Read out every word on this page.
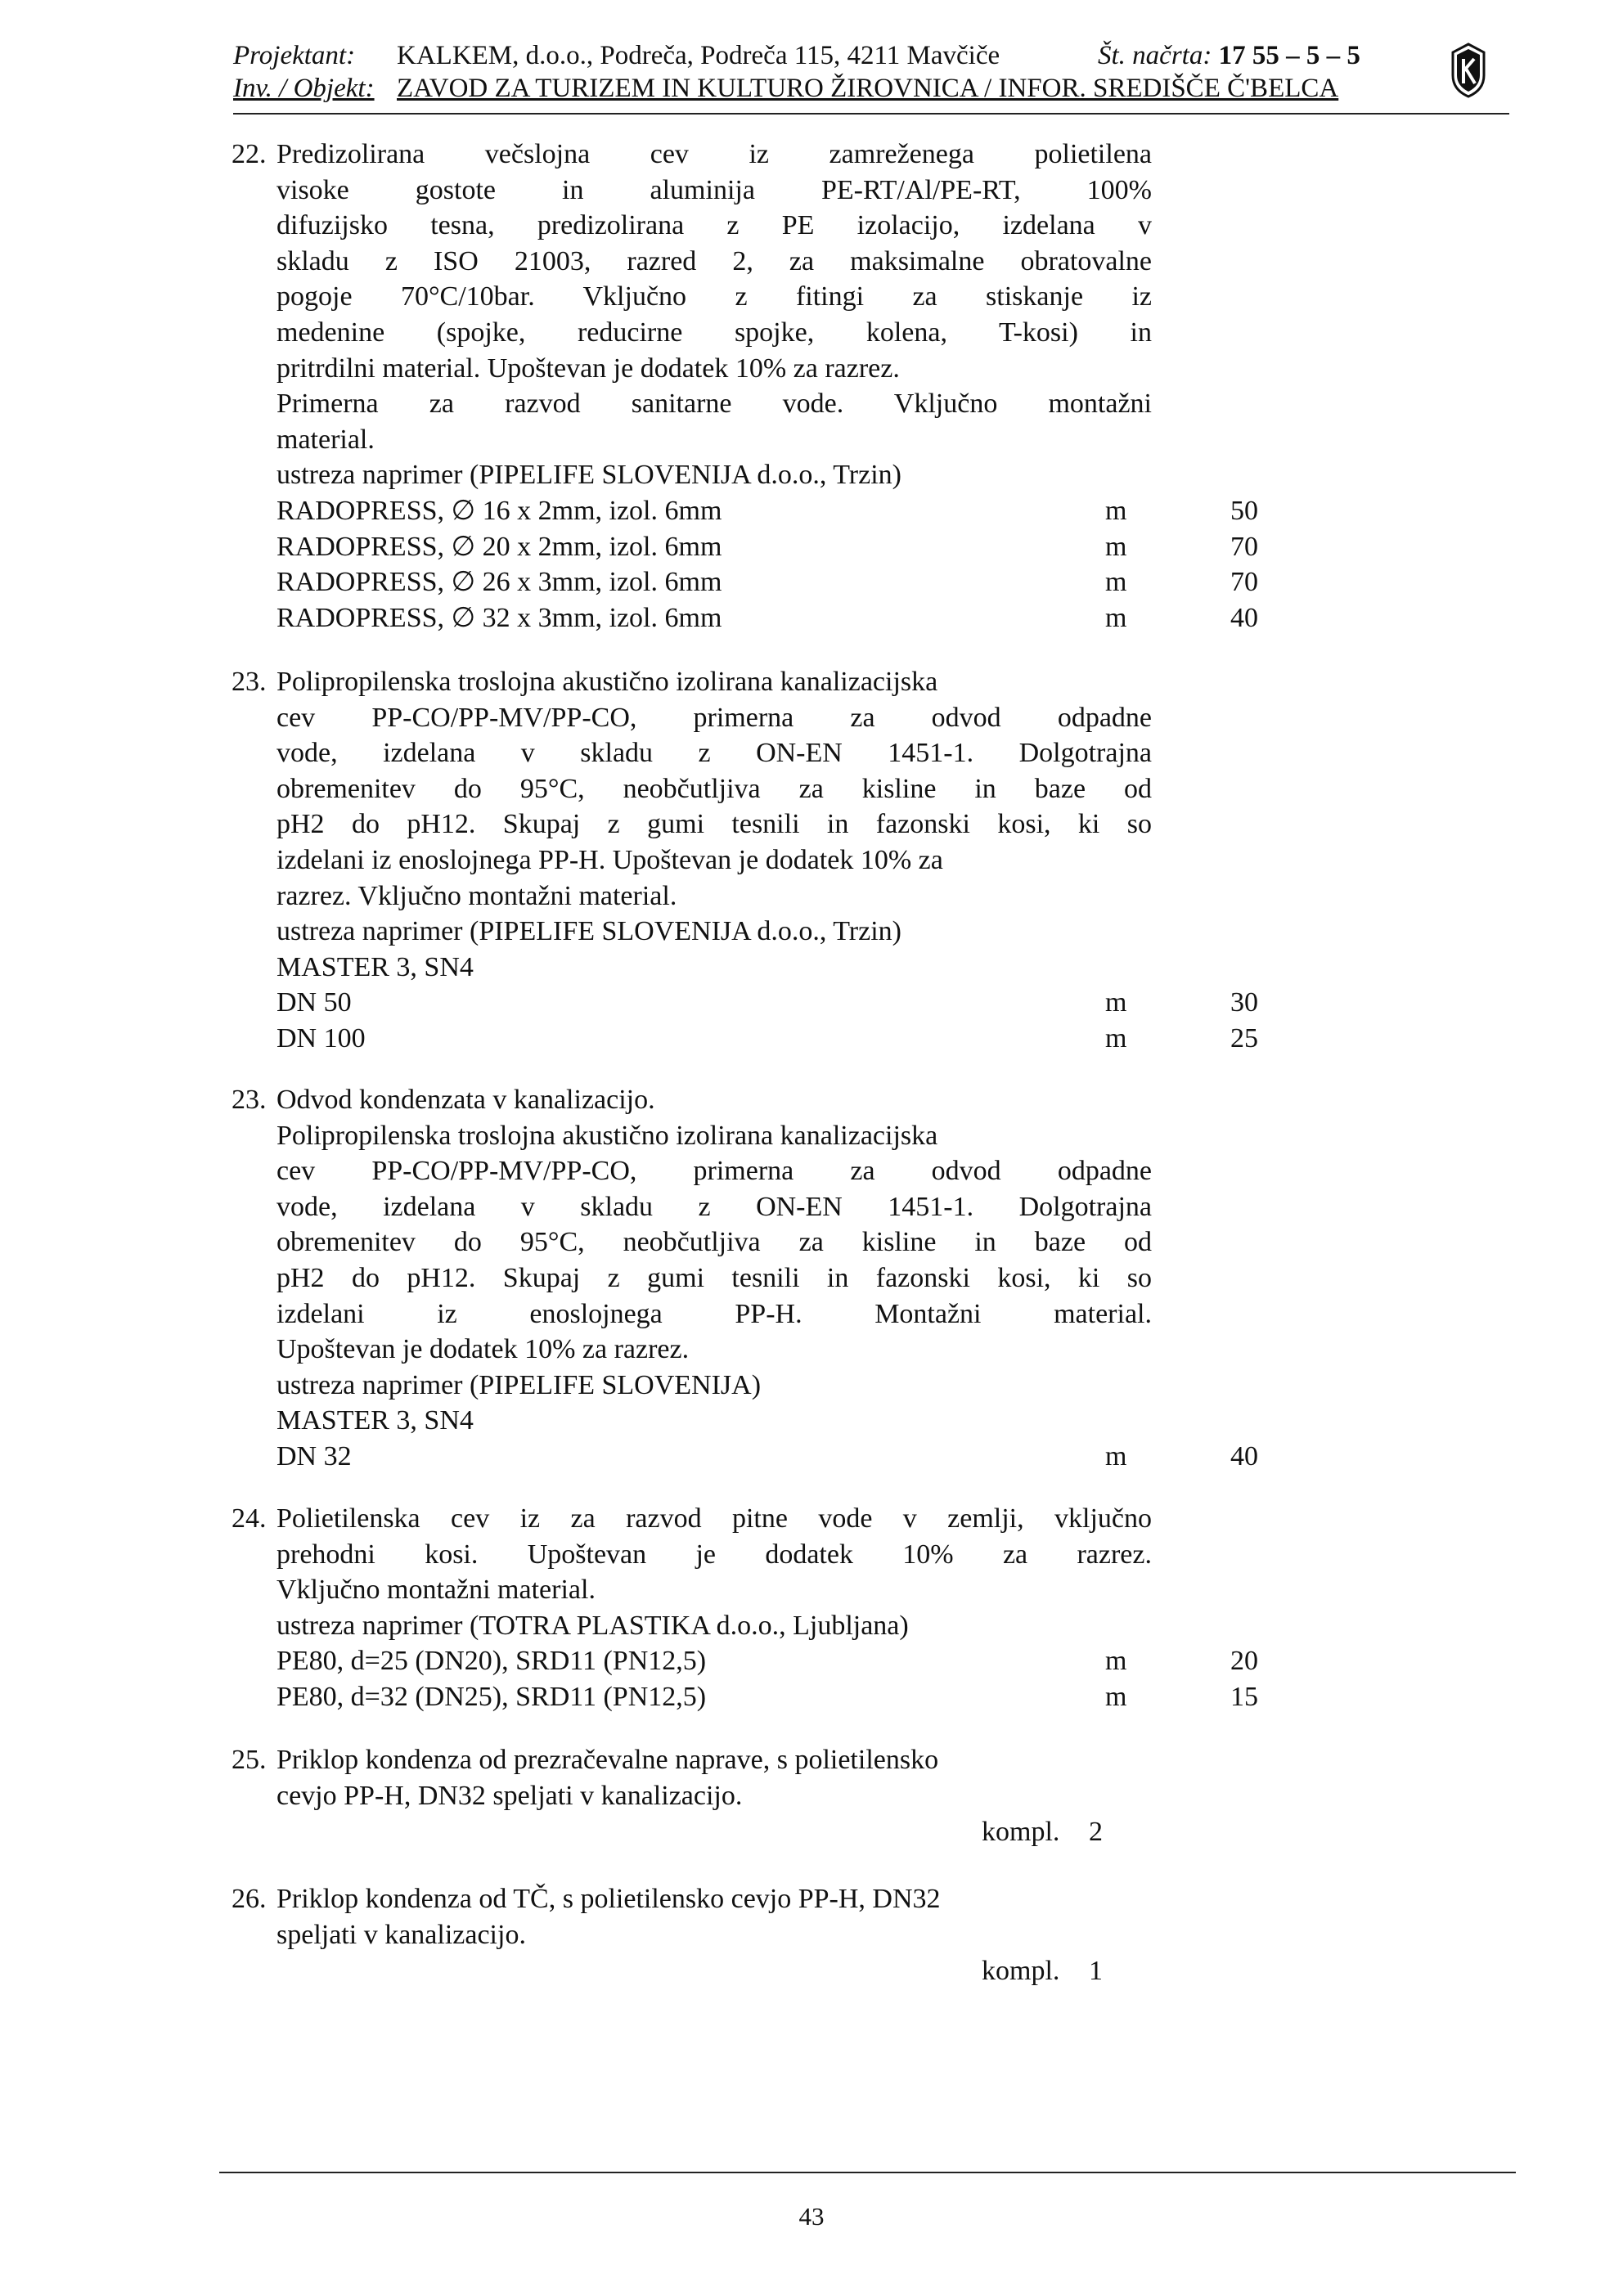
Projektant: KALKEM, d.o.o., Podreča, Podreča 115, 4211 Mavčiče	Št. načrta: 17 55 – 5 – 5
Inv. / Objekt: ZAVOD ZA TURIZEM IN KULTURO ŽIROVNICA / INFOR. SREDIŠČE Č'BELCA
22. Predizolirana večslojna cev iz zamreženega polietilena
visoke gostote in aluminija PE-RT/Al/PE-RT, 100%
difuzijsko tesna, predizolirana z PE izolacijo, izdelana v
skladu z ISO 21003, razred 2, za maksimalne obratovalne
pogoje 70°C/10bar. Vključno z fitingi za stiskanje iz
medenine (spojke, reducirne spojke, kolena, T-kosi) in
pritrdilni material. Upoštevan je dodatek 10% za razrez.
Primerna za razvod sanitarne vode. Vključno montažni
material.
ustreza naprimer (PIPELIFE SLOVENIJA d.o.o., Trzin)
RADOPRESS, ∅ 16 x 2mm, izol. 6mm	m	50
RADOPRESS, ∅ 20 x 2mm, izol. 6mm	m	70
RADOPRESS, ∅ 26 x 3mm, izol. 6mm	m	70
RADOPRESS, ∅ 32 x 3mm, izol. 6mm	m	40
23. Polipropilenska troslojna akustično izolirana kanalizacijska
cev PP-CO/PP-MV/PP-CO, primerna za odvod odpadne
vode, izdelana v skladu z ON-EN 1451-1. Dolgotrajna
obremenitev do 95°C, neobčutljiva za kisline in baze od
pH2 do pH12. Skupaj z gumi tesnili in fazonski kosi, ki so
izdelani iz enoslojnega PP-H. Upoštevan je dodatek 10% za
razrez. Vključno montažni material.
ustreza naprimer (PIPELIFE SLOVENIJA d.o.o., Trzin)
MASTER 3, SN4
DN 50	m	30
DN 100	m	25
23. Odvod kondenzata v kanalizacijo.
Polipropilenska troslojna akustično izolirana kanalizacijska
cev PP-CO/PP-MV/PP-CO, primerna za odvod odpadne
vode, izdelana v skladu z ON-EN 1451-1. Dolgotrajna
obremenitev do 95°C, neobčutljiva za kisline in baze od
pH2 do pH12. Skupaj z gumi tesnili in fazonski kosi, ki so
izdelani iz enoslojnega PP-H. Montažni material.
Upoštevan je dodatek 10% za razrez.
ustreza naprimer (PIPELIFE SLOVENIJA)
MASTER 3, SN4
DN 32	m	40
24. Polietilenska cev iz za razvod pitne vode v zemlji, vključno
prehodni kosi. Upoštevan je dodatek 10% za razrez.
Vključno montažni material.
ustreza naprimer (TOTRA PLASTIKA d.o.o., Ljubljana)
PE80, d=25 (DN20), SRD11 (PN12,5)	m	20
PE80, d=32 (DN25), SRD11 (PN12,5)	m	15
25. Priklop kondenza od prezračevalne naprave, s polietilensko
cevjo PP-H, DN32 speljati v kanalizacijo.
kompl.	2
26. Priklop kondenza od TČ, s polietilensko cevjo PP-H, DN32
speljati v kanalizacijo.
kompl.	1
43
